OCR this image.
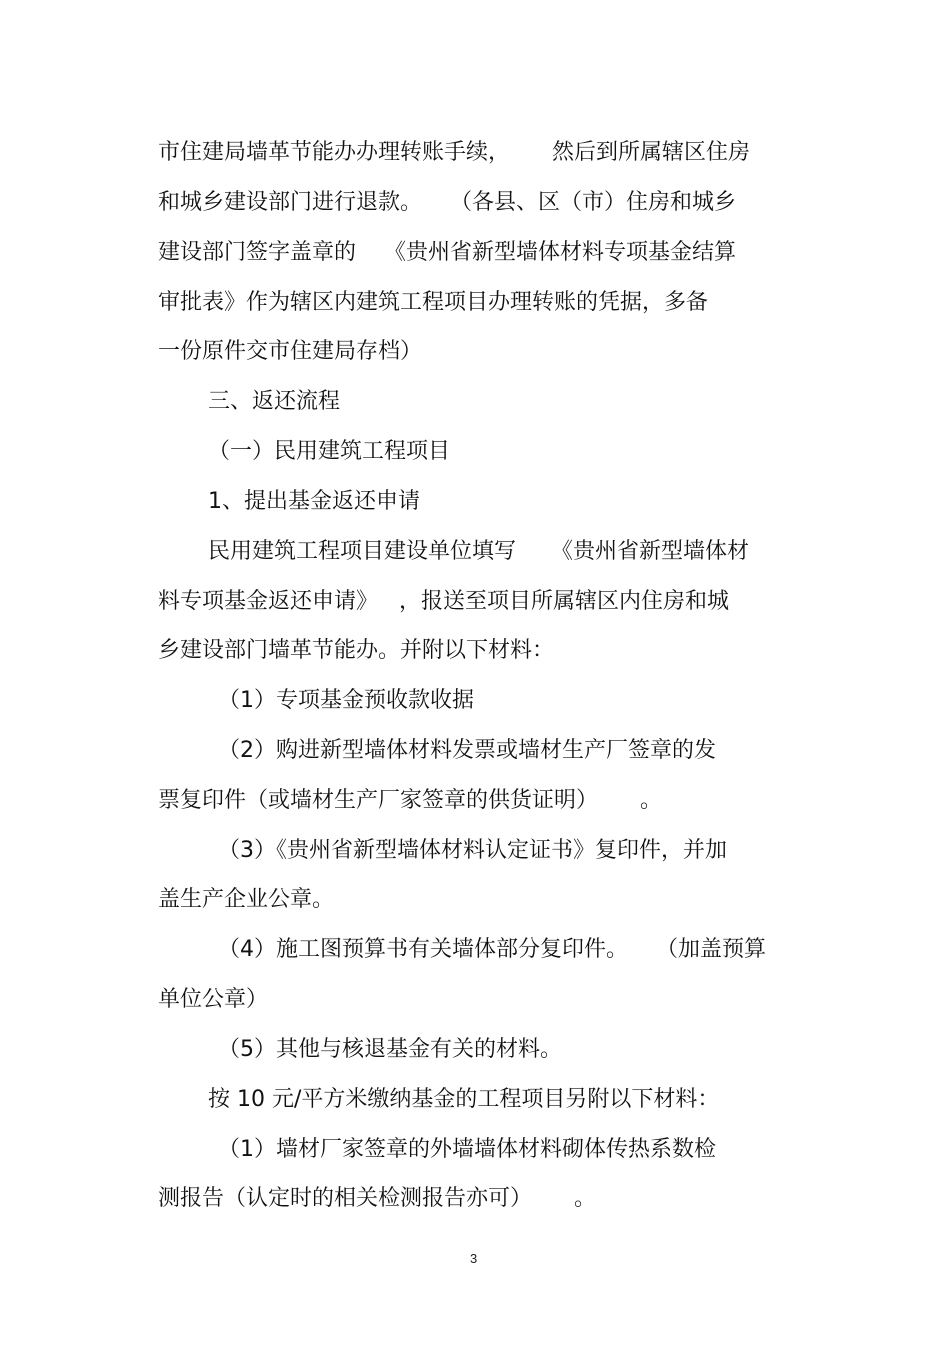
市住建局墙革节能办办理转账手续，      然后到所属辖区住房
和城乡建设部门进行退款。    （各县、区（市）住房和城乡
建设部门签字盖章的    《贵州省新型墙体材料专项基金结算
审批表》作为辖区内建筑工程项目办理转账的凭据，多备
一份原件交市住建局存档）
三、返还流程
（一）民用建筑工程项目
1、提出基金返还申请
民用建筑工程项目建设单位填写     《贵州省新型墙体材
料专项基金返还申请》   ，报送至项目所属辖区内住房和城
乡建设部门墙革节能办。并附以下材料：
（1）专项基金预收款收据
（2）购进新型墙体材料发票或墙材生产厂签章的发
票复印件（或墙材生产厂家签章的供货证明）      。
（3）《贵州省新型墙体材料认定证书》复印件，并加
盖生产企业公章。
（4）施工图预算书有关墙体部分复印件。    （加盖预算
单位公章）
（5）其他与核退基金有关的材料。
按 10 元/平方米缴纳基金的工程项目另附以下材料：
（1）墙材厂家签章的外墙墙体材料砌体传热系数检
测报告（认定时的相关检测报告亦可）      。
3
